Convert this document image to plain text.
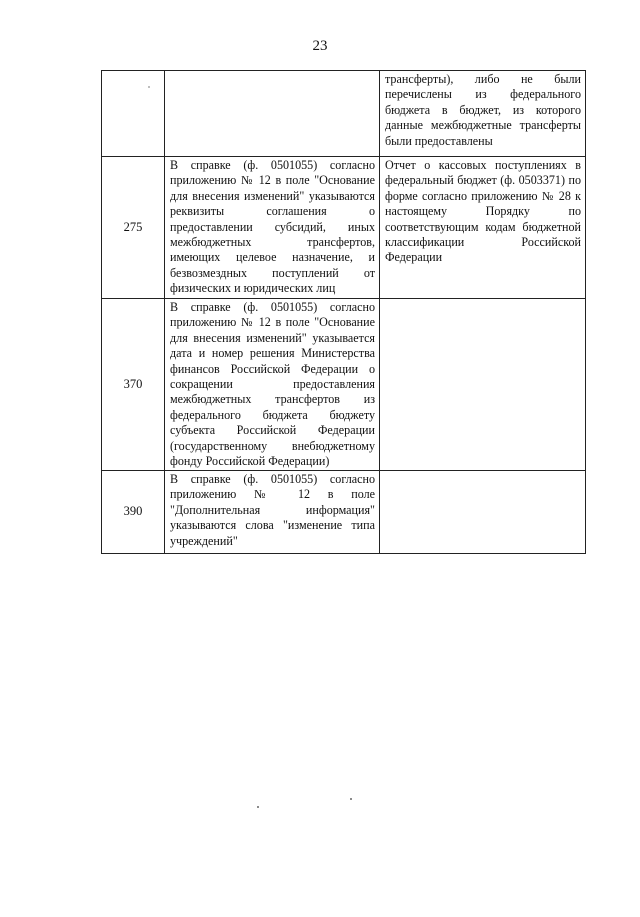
23

		трансферты), либо не были перечислены из федерального бюджета в бюджет, из которого данные межбюджетные трансферты были предоставлены

275	В справке (ф. 0501055) согласно приложению № 12 в поле "Основание для внесения изменений" указываются реквизиты соглашения о предоставлении субсидий, иных межбюджетных трансфертов, имеющих целевое назначение, и безвозмездных поступлений от физических и юридических лиц	Отчет о кассовых поступлениях в федеральный бюджет (ф. 0503371) по форме согласно приложению № 28 к настоящему Порядку по соответствующим кодам бюджетной классификации Российской Федерации

370	В справке (ф. 0501055) согласно приложению № 12 в поле "Основание для внесения изменений" указывается дата и номер решения Министерства финансов Российской Федерации о сокращении предоставления межбюджетных трансфертов из федерального бюджета бюджету субъекта Российской Федерации (государственному внебюджетному фонду Российской Федерации)	

390	В справке (ф. 0501055) согласно приложению № 12 в поле "Дополнительная информация" указываются слова "изменение типа учреждений"	
